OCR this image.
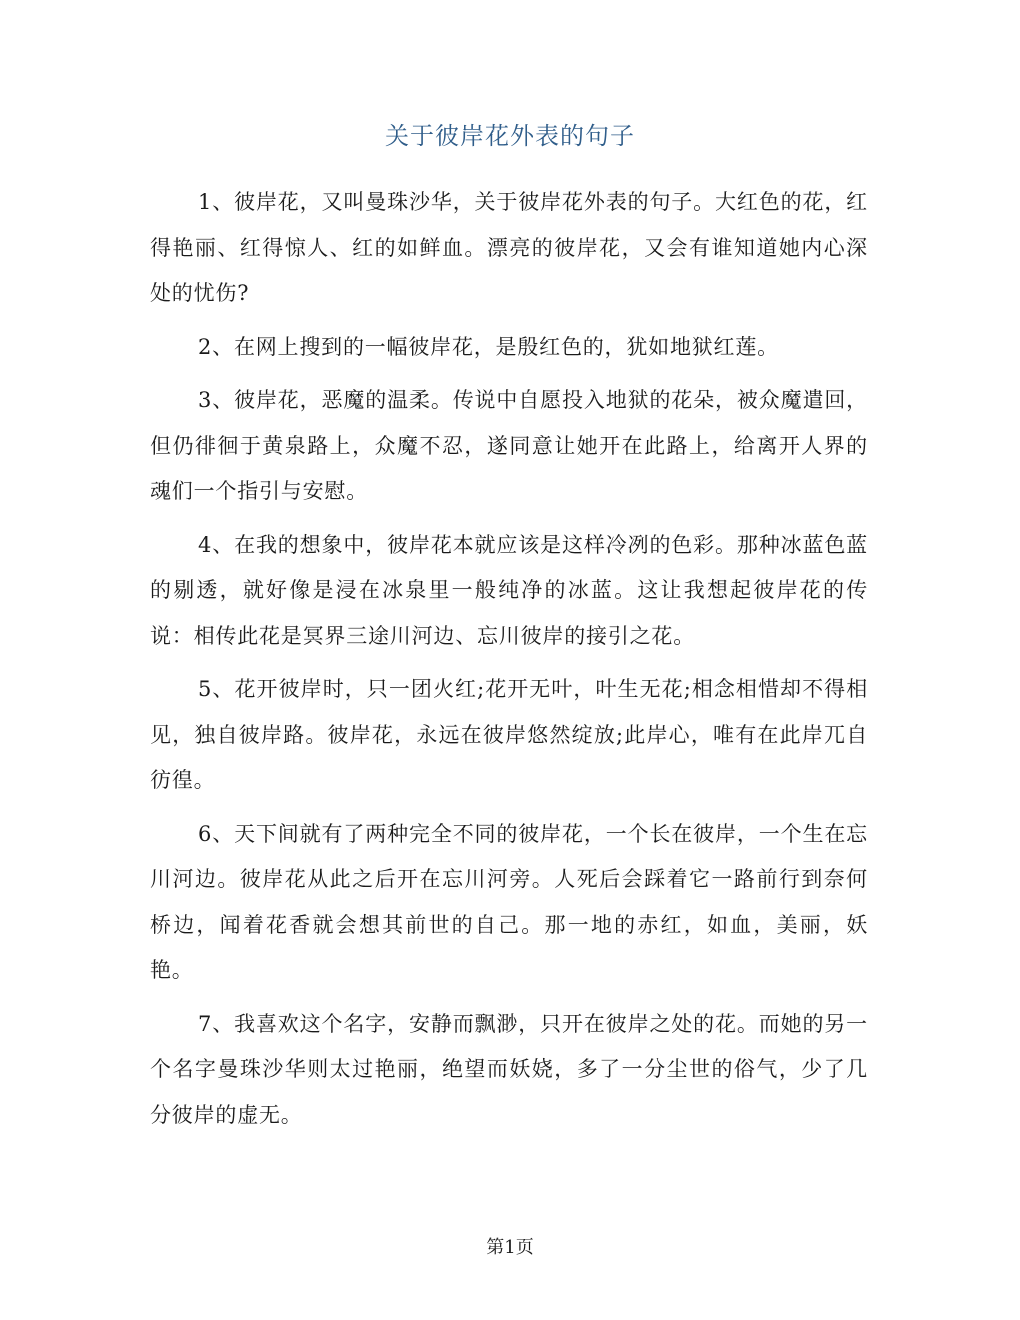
关于彼岸花外表的句子

1、彼岸花，又叫曼珠沙华，关于彼岸花外表的句子。大红色的花，红得艳丽、红得惊人、红的如鲜血。漂亮的彼岸花，又会有谁知道她内心深处的忧伤?

2、在网上搜到的一幅彼岸花，是殷红色的，犹如地狱红莲。

3、彼岸花，恶魔的温柔。传说中自愿投入地狱的花朵，被众魔遣回，但仍徘徊于黄泉路上，众魔不忍，遂同意让她开在此路上，给离开人界的魂们一个指引与安慰。

4、在我的想象中，彼岸花本就应该是这样冷冽的色彩。那种冰蓝色蓝的剔透，就好像是浸在冰泉里一般纯净的冰蓝。这让我想起彼岸花的传说：相传此花是冥界三途川河边、忘川彼岸的接引之花。

5、花开彼岸时，只一团火红;花开无叶，叶生无花;相念相惜却不得相见，独自彼岸路。彼岸花，永远在彼岸悠然绽放;此岸心，唯有在此岸兀自彷徨。

6、天下间就有了两种完全不同的彼岸花，一个长在彼岸，一个生在忘川河边。彼岸花从此之后开在忘川河旁。人死后会踩着它一路前行到奈何桥边，闻着花香就会想其前世的自己。那一地的赤红，如血，美丽，妖艳。

7、我喜欢这个名字，安静而飘渺，只开在彼岸之处的花。而她的另一个名字曼珠沙华则太过艳丽，绝望而妖娆，多了一分尘世的俗气，少了几分彼岸的虚无。

第1页
